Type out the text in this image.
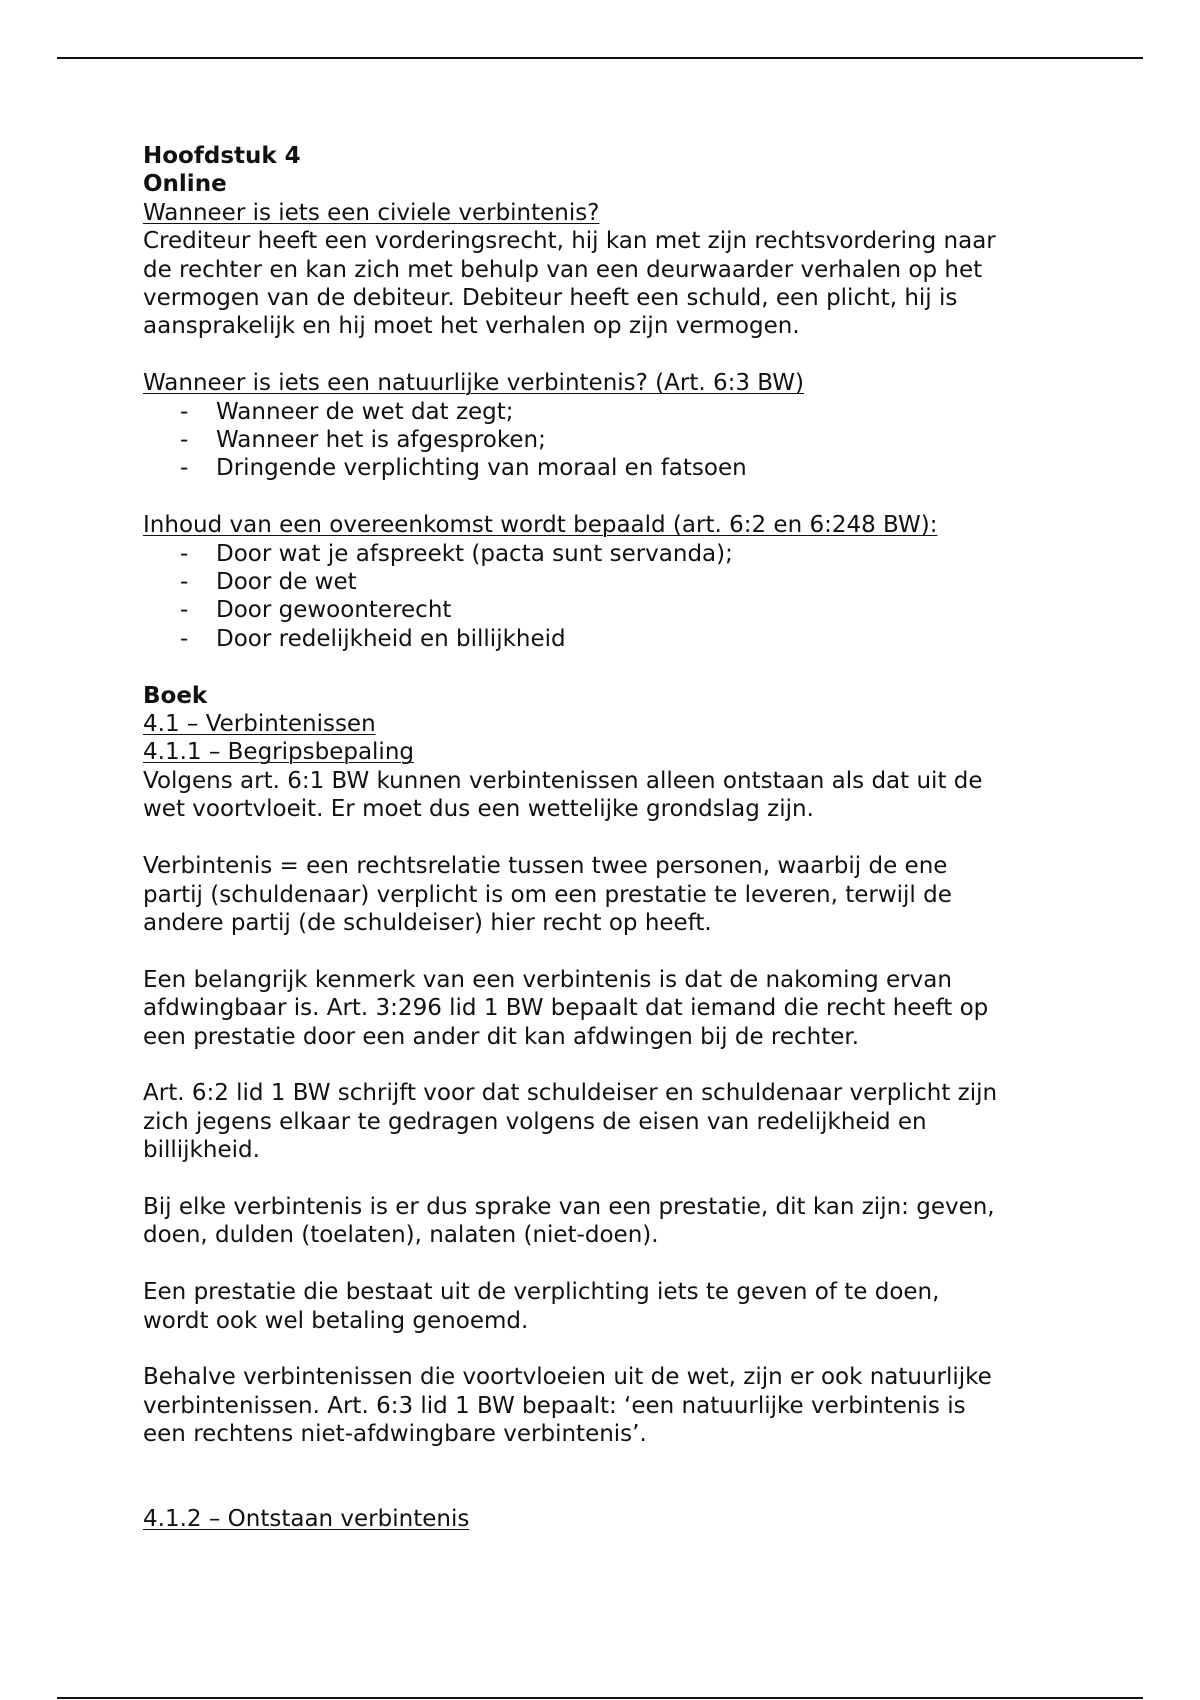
Hoofdstuk 4

Online

Wanneer is iets een civiele verbintenis?

Crediteur heeft een vorderingsrecht, hij kan met zijn rechtsvordering naar

de rechter en kan zich met behulp van een deurwaarder verhalen op het

vermogen van de debiteur. Debiteur heeft een schuld, een plicht, hij is

aansprakelijk en hij moet het verhalen op zijn vermogen.

Wanneer is iets een natuurlijke verbintenis? (Art. 6:3 BW)

- Wanneer de wet dat zegt;
- Wanneer het is afgesproken;
- Dringende verplichting van moraal en fatsoen

Inhoud van een overeenkomst wordt bepaald (art. 6:2 en 6:248 BW):

- Door wat je afspreekt (pacta sunt servanda);
- Door de wet
- Door gewoonterecht
- Door redelijkheid en billijkheid

Boek

4.1 – Verbintenissen

4.1.1 – Begripsbepaling

Volgens art. 6:1 BW kunnen verbintenissen alleen ontstaan als dat uit de

wet voortvloeit. Er moet dus een wettelijke grondslag zijn.

Verbintenis = een rechtsrelatie tussen twee personen, waarbij de ene

partij (schuldenaar) verplicht is om een prestatie te leveren, terwijl de

andere partij (de schuldeiser) hier recht op heeft.

Een belangrijk kenmerk van een verbintenis is dat de nakoming ervan

afdwingbaar is. Art. 3:296 lid 1 BW bepaalt dat iemand die recht heeft op

een prestatie door een ander dit kan afdwingen bij de rechter.

Art. 6:2 lid 1 BW schrijft voor dat schuldeiser en schuldenaar verplicht zijn

zich jegens elkaar te gedragen volgens de eisen van redelijkheid en

billijkheid.

Bij elke verbintenis is er dus sprake van een prestatie, dit kan zijn: geven,

doen, dulden (toelaten), nalaten (niet-doen).

Een prestatie die bestaat uit de verplichting iets te geven of te doen,

wordt ook wel betaling genoemd.

Behalve verbintenissen die voortvloeien uit de wet, zijn er ook natuurlijke

verbintenissen. Art. 6:3 lid 1 BW bepaalt: ‘een natuurlijke verbintenis is

een rechtens niet-afdwingbare verbintenis’.

4.1.2 – Ontstaan verbintenis
